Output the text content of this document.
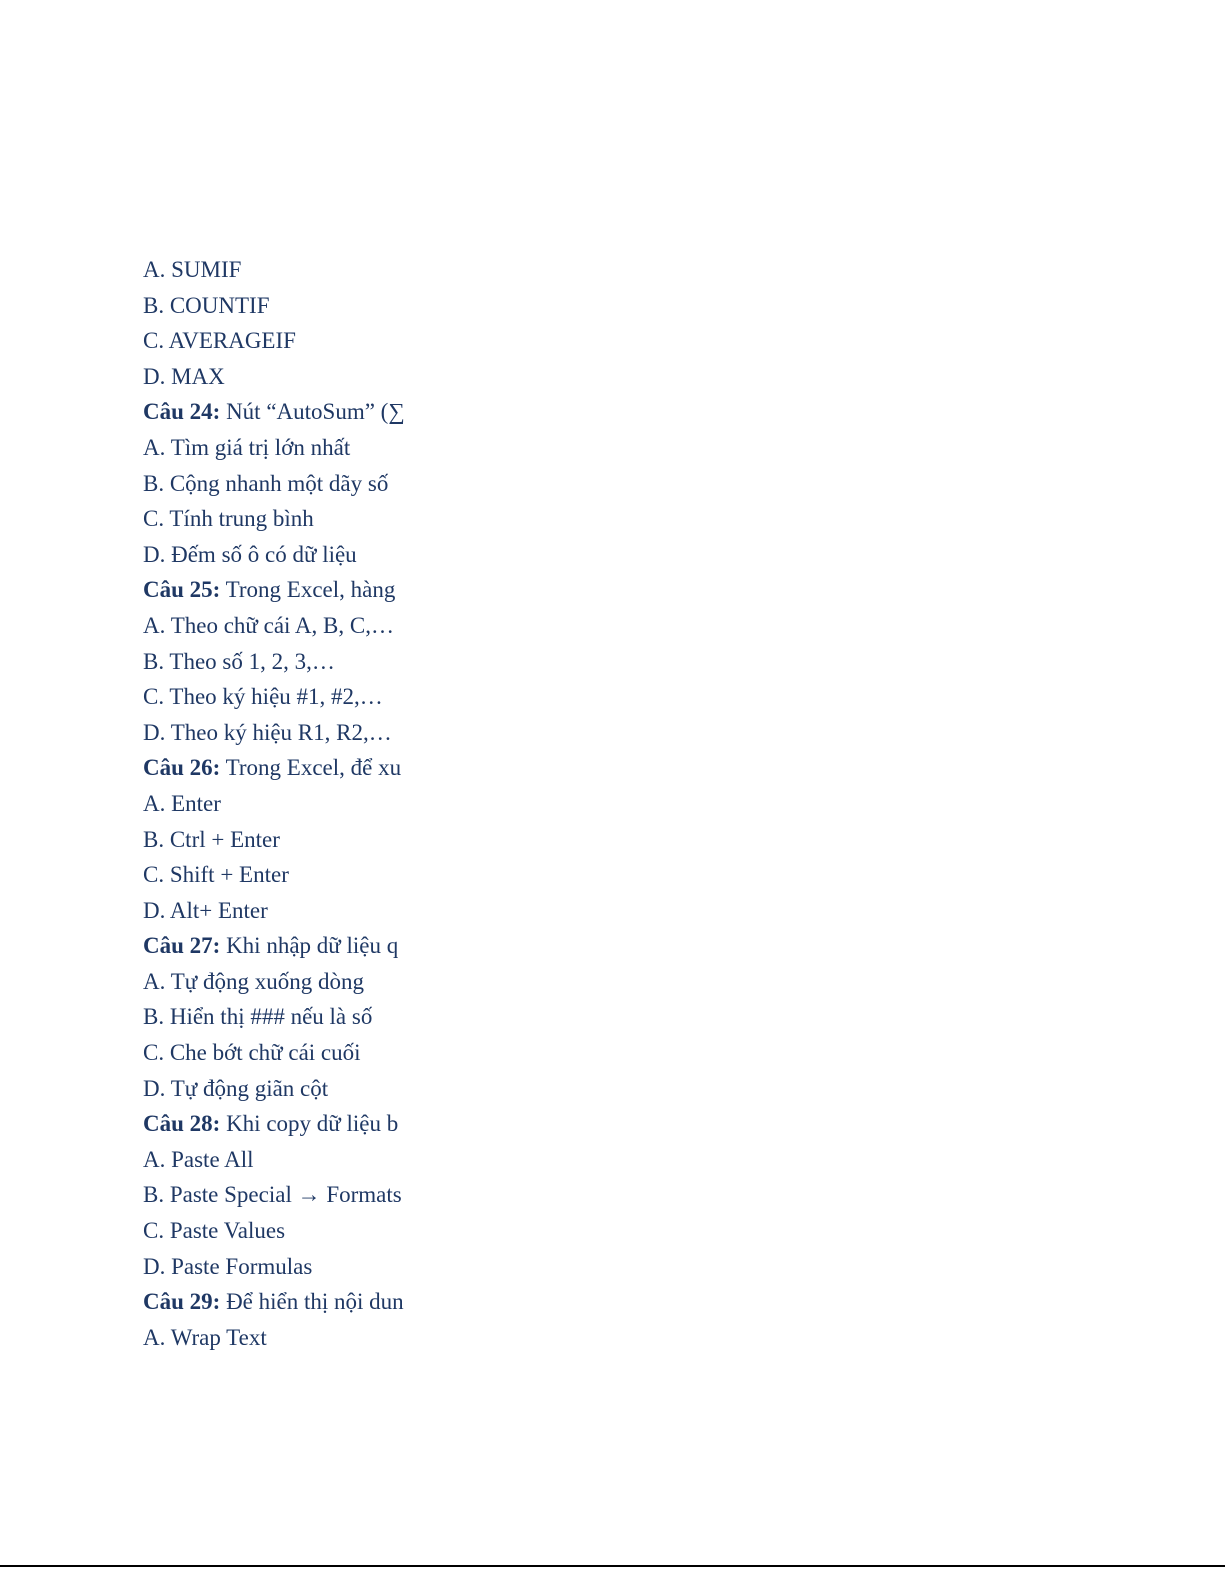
A. SUMIF
B. COUNTIF
C. AVERAGEIF
D. MAX
Câu 24: Nút “AutoSum” (∑
A. Tìm giá trị lớn nhất
B. Cộng nhanh một dãy số
C. Tính trung bình
D. Đếm số ô có dữ liệu
Câu 25: Trong Excel, hàng
A. Theo chữ cái A, B, C,…
B. Theo số 1, 2, 3,…
C. Theo ký hiệu #1, #2,…
D. Theo ký hiệu R1, R2,…
Câu 26: Trong Excel, để xu
A. Enter
B. Ctrl + Enter
C. Shift + Enter
D. Alt+ Enter
Câu 27: Khi nhập dữ liệu q
A. Tự động xuống dòng
B. Hiển thị ### nếu là số
C. Che bớt chữ cái cuối
D. Tự động giãn cột
Câu 28: Khi copy dữ liệu b
A. Paste All
B. Paste Special → Formats
C. Paste Values
D. Paste Formulas
Câu 29: Để hiển thị nội dun
A. Wrap Text
